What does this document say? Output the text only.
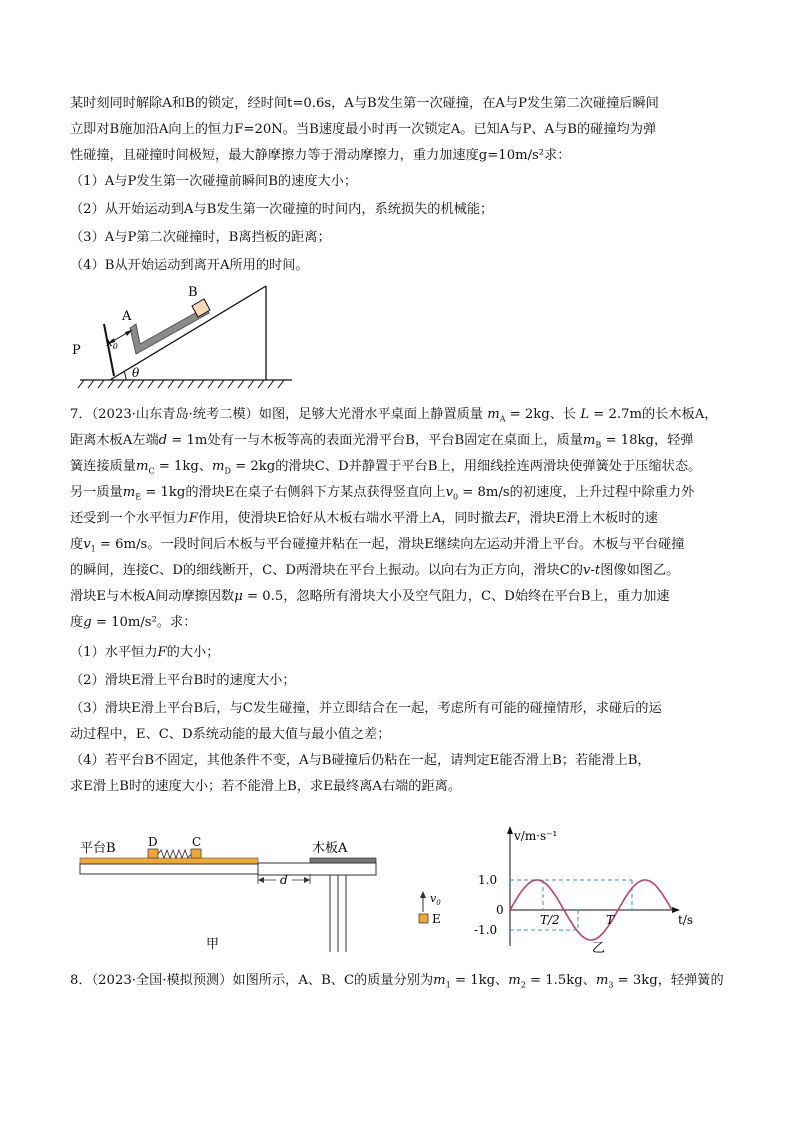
某时刻同时解除A和B的锁定，经时间t=0.6s，A与B发生第一次碰撞，在A与P发生第二次碰撞后瞬间
立即对B施加沿A向上的恒力F=20N。当B速度最小时再一次锁定A。已知A与P、A与B的碰撞均为弹
性碰撞，且碰撞时间极短，最大静摩擦力等于滑动摩擦力，重力加速度g=10m/s²求：
（1）A与P发生第一次碰撞前瞬间B的速度大小；
（2）从开始运动到A与B发生第一次碰撞的时间内，系统损失的机械能；
（3）A与P第二次碰撞时，B离挡板的距离；
（4）B从开始运动到离开A所用的时间。
P
A
B
$x_0$
θ
7．（2023·山东青岛·统考二模）如图，足够大光滑水平桌面上静置质量 $m_A = 2kg$、长 L = 2.7m的长木板A，
距离木板A左端d = 1m处有一与木板等高的表面光滑平台B，平台B固定在桌面上，质量$m_B = 18kg$，轻弹
簧连接质量$m_C = 1kg$、$m_D = 2kg$的滑块C、D并静置于平台B上，用细线拴连两滑块使弹簧处于压缩状态。
另一质量$m_E = 1kg$的滑块E在桌子右侧斜下方某点获得竖直向上$v_0 = 8m/s$的初速度，上升过程中除重力外
还受到一个水平恒力F作用，使滑块E恰好从木板右端水平滑上A，同时撤去F，滑块E滑上木板时的速
度$v_1 = 6m/s$。一段时间后木板与平台碰撞并粘在一起，滑块E继续向左运动并滑上平台。木板与平台碰撞
的瞬间，连接C、D的细线断开，C、D两滑块在平台上振动。以向右为正方向，滑块C的v-t图像如图乙。
滑块E与木板A间动摩擦因数μ = 0.5，忽略所有滑块大小及空气阻力，C、D始终在平台B上，重力加速
度g = 10m/s²。求：
（1）水平恒力F的大小；
（2）滑块E滑上平台B时的速度大小；
（3）滑块E滑上平台B后，与C发生碰撞，并立即结合在一起，考虑所有可能的碰撞情形，求碰后的运
动过程中，E、C、D系统动能的最大值与最小值之差；
（4）若平台B不固定，其他条件不变，A与B碰撞后仍粘在一起，请判定E能否滑上B；若能滑上B，
求E滑上B时的速度大小；若不能滑上B，求E最终离A右端的距离。
平台B	木板A
D	C
d
甲
$v_0$
E
v/m·s⁻¹
t/s
1.0
0
-1.0
T/2	T
乙
8．（2023·全国·模拟预测）如图所示，A、B、C的质量分别为$m_1 = 1kg$、$m_2 = 1.5kg$、$m_3 = 3kg$，轻弹簧的
